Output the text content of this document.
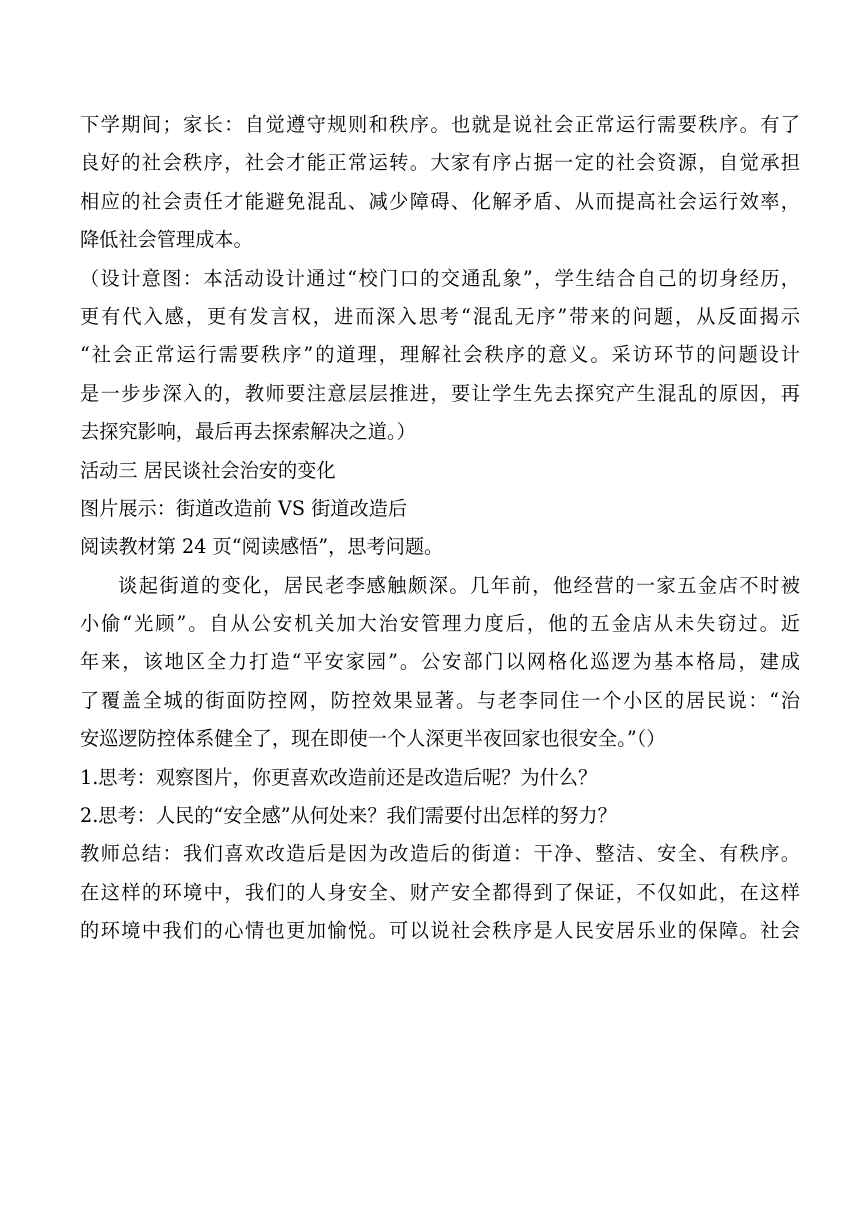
下学期间；家长：自觉遵守规则和秩序。也就是说社会正常运行需要秩序。有了
良好的社会秩序，社会才能正常运转。大家有序占据一定的社会资源，自觉承担
相应的社会责任才能避免混乱、减少障碍、化解矛盾、从而提高社会运行效率，
降低社会管理成本。
（设计意图：本活动设计通过“校门口的交通乱象”，学生结合自己的切身经历，
更有代入感，更有发言权，进而深入思考“混乱无序”带来的问题，从反面揭示
“社会正常运行需要秩序”的道理，理解社会秩序的意义。采访环节的问题设计
是一步步深入的，教师要注意层层推进，要让学生先去探究产生混乱的原因，再
去探究影响，最后再去探索解决之道。）
活动三 居民谈社会治安的变化
图片展示：街道改造前 VS 街道改造后
阅读教材第 24 页“阅读感悟”，思考问题。
谈起街道的变化，居民老李感触颇深。几年前，他经营的一家五金店不时被
小偷“光顾”。自从公安机关加大治安管理力度后，他的五金店从未失窃过。近
年来，该地区全力打造“平安家园”。公安部门以网格化巡逻为基本格局，建成
了覆盖全城的街面防控网，防控效果显著。与老李同住一个小区的居民说：“治
安巡逻防控体系健全了，现在即使一个人深更半夜回家也很安全。”（）
1.思考：观察图片，你更喜欢改造前还是改造后呢？为什么？
2.思考：人民的“安全感”从何处来？我们需要付出怎样的努力？
教师总结：我们喜欢改造后是因为改造后的街道：干净、整洁、安全、有秩序。
在这样的环境中，我们的人身安全、财产安全都得到了保证，不仅如此，在这样
的环境中我们的心情也更加愉悦。可以说社会秩序是人民安居乐业的保障。社会
